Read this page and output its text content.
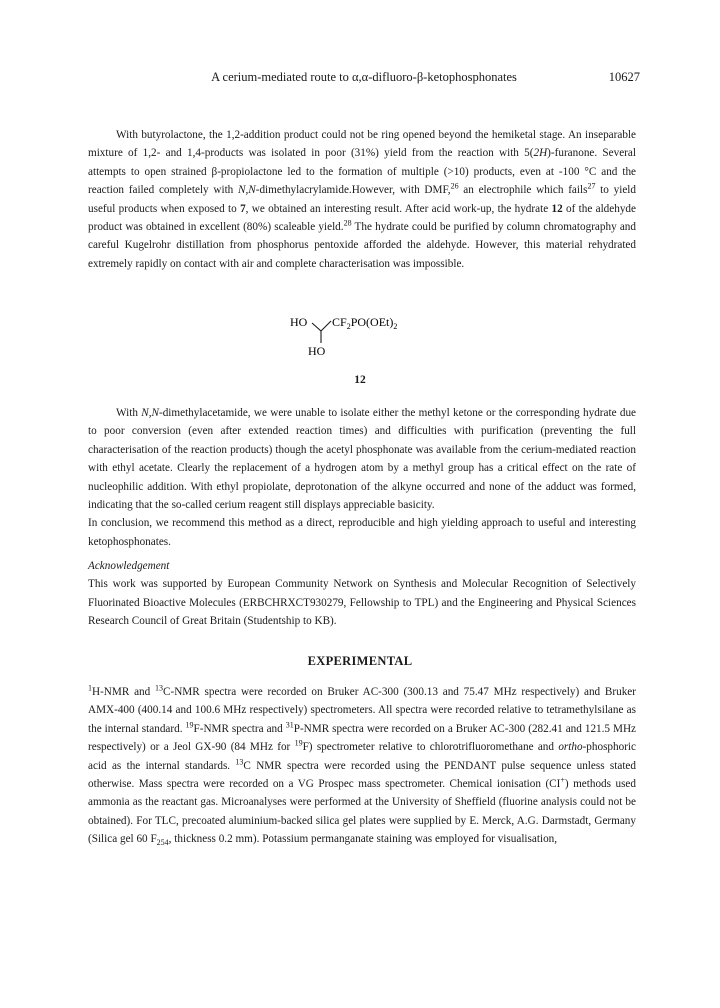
A cerium-mediated route to α,α-difluoro-β-ketophosphonates	10627

With butyrolactone, the 1,2-addition product could not be ring opened beyond the hemiketal stage. An inseparable mixture of 1,2- and 1,4-products was isolated in poor (31%) yield from the reaction with 5(2H)-furanone. Several attempts to open strained β-propiolactone led to the formation of multiple (>10) products, even at -100 °C and the reaction failed completely with N,N-dimethylacrylamide.However, with DMF,$^{26}$ an electrophile which fails$^{27}$ to yield useful products when exposed to 7, we obtained an interesting result. After acid work-up, the hydrate 12 of the aldehyde product was obtained in excellent (80%) scaleable yield.$^{28}$ The hydrate could be purified by column chromatography and careful Kugelrohr distillation from phosphorus pentoxide afforded the aldehyde. However, this material rehydrated extremely rapidly on contact with air and complete characterisation was impossible.

HO $CF_2PO(OEt)_2$
HO
12

With N,N-dimethylacetamide, we were unable to isolate either the methyl ketone or the corresponding hydrate due to poor conversion (even after extended reaction times) and difficulties with purification (preventing the full characterisation of the reaction products) though the acetyl phosphonate was available from the cerium-mediated reaction with ethyl acetate. Clearly the replacement of a hydrogen atom by a methyl group has a critical effect on the rate of nucleophilic addition. With ethyl propiolate, deprotonation of the alkyne occurred and none of the adduct was formed, indicating that the so-called cerium reagent still displays appreciable basicity.

In conclusion, we recommend this method as a direct, reproducible and high yielding approach to useful and interesting ketophosphonates.

Acknowledgement

This work was supported by European Community Network on Synthesis and Molecular Recognition of Selectively Fluorinated Bioactive Molecules (ERBCHRXCT930279, Fellowship to TPL) and the Engineering and Physical Sciences Research Council of Great Britain (Studentship to KB).

EXPERIMENTAL

$^1$H-NMR and $^{13}$C-NMR spectra were recorded on Bruker AC-300 (300.13 and 75.47 MHz respectively) and Bruker AMX-400 (400.14 and 100.6 MHz respectively) spectrometers. All spectra were recorded relative to tetramethylsilane as the internal standard. $^{19}$F-NMR spectra and $^{31}$P-NMR spectra were recorded on a Bruker AC-300 (282.41 and 121.5 MHz respectively) or a Jeol GX-90 (84 MHz for $^{19}$F) spectrometer relative to chlorotrifluoromethane and ortho-phosphoric acid as the internal standards. $^{13}$C NMR spectra were recorded using the PENDANT pulse sequence unless stated otherwise. Mass spectra were recorded on a VG Prospec mass spectrometer. Chemical ionisation (CI+) methods used ammonia as the reactant gas. Microanalyses were performed at the University of Sheffield (fluorine analysis could not be obtained). For TLC, precoated aluminium-backed silica gel plates were supplied by E. Merck, A.G. Darmstadt, Germany (Silica gel 60 $F_{254}$, thickness 0.2 mm). Potassium permanganate staining was employed for visualisation,
